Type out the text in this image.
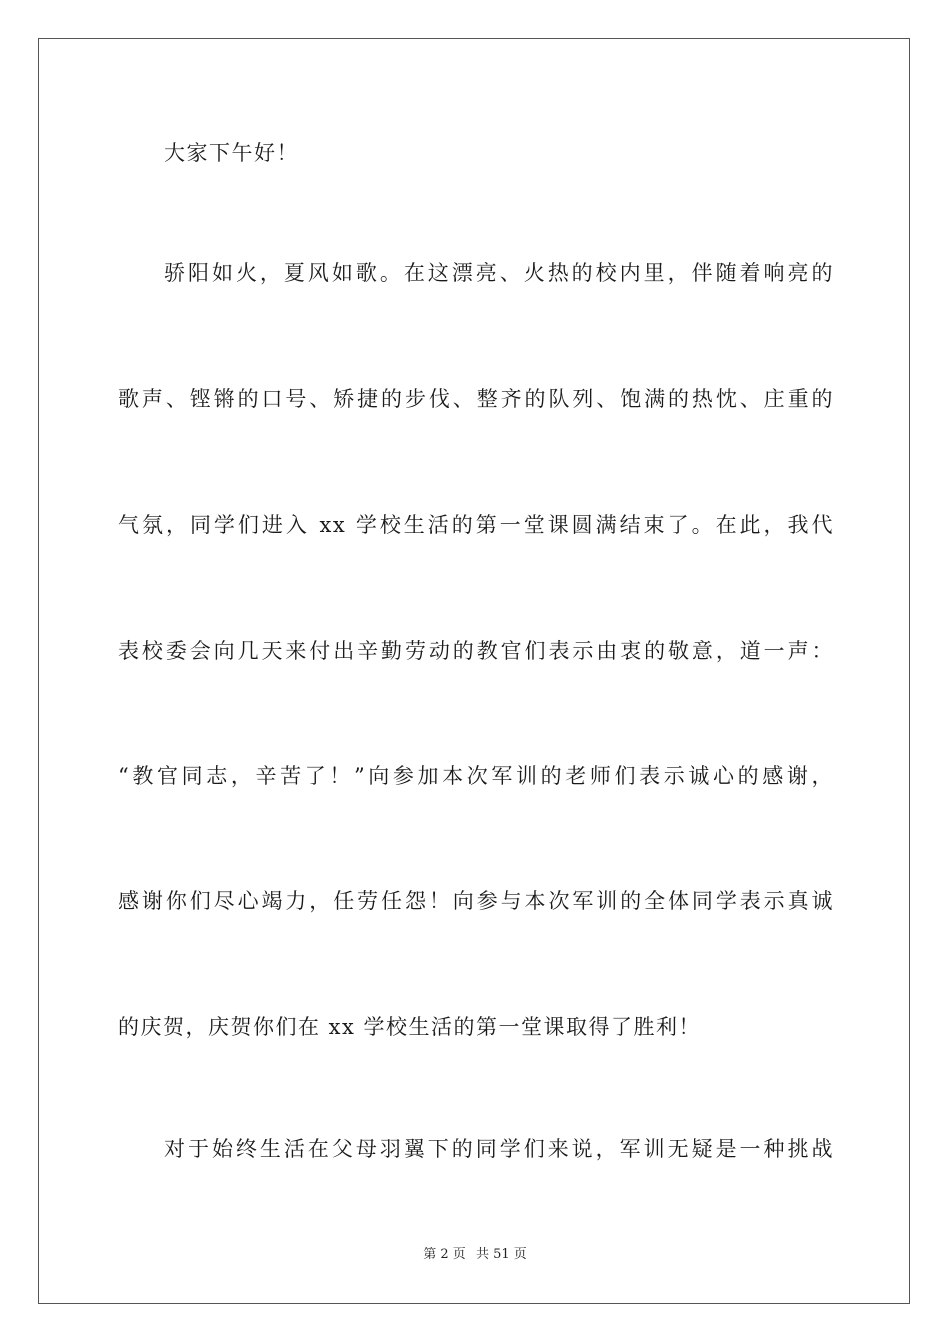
大家下午好！
骄阳如火，夏风如歌。在这漂亮、火热的校内里，伴随着响亮的
歌声、铿锵的口号、矫捷的步伐、整齐的队列、饱满的热忱、庄重的
气氛，同学们进入 xx 学校生活的第一堂课圆满结束了。在此，我代
表校委会向几天来付出辛勤劳动的教官们表示由衷的敬意，道一声：
“教官同志，辛苦了！”向参加本次军训的老师们表示诚心的感谢，
感谢你们尽心竭力，任劳任怨！向参与本次军训的全体同学表示真诚
的庆贺，庆贺你们在 xx 学校生活的第一堂课取得了胜利！
对于始终生活在父母羽翼下的同学们来说，军训无疑是一种挑战
第 2 页 共 51 页
